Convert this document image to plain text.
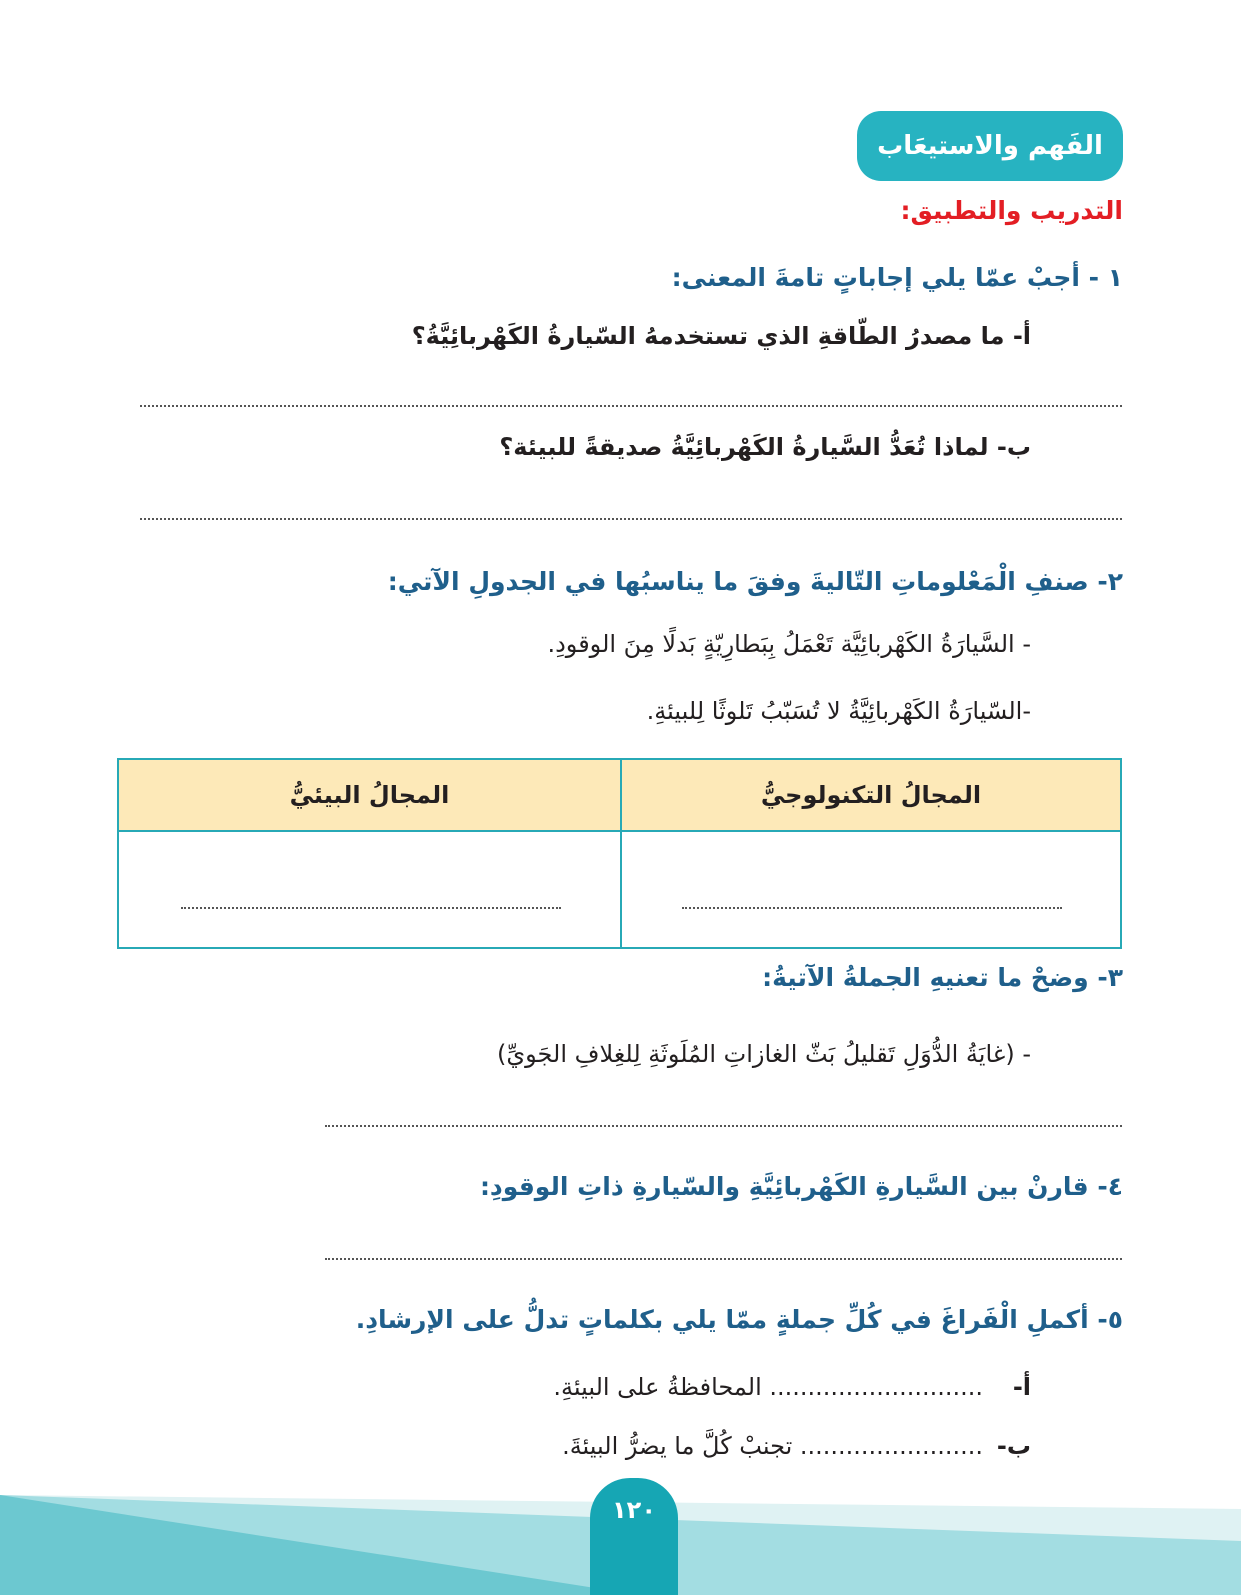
الفَهم والاستيعَاب
التدريب والتطبيق:
١ - أجبْ عمّا يلي إجاباتٍ تامةَ المعنى:
أ- ما مصدرُ الطّاقةِ الذي تستخدمهُ السّيارةُ الكَهْربائِيَّةُ؟
ب- لماذا تُعَدُّ السَّيارةُ الكَهْربائِيَّةُ صديقةً للبيئة؟
٢- صنفِ الْمَعْلوماتِ التّاليةَ وفقَ ما يناسبُها في الجدولِ الآتي:
- السَّيارَةُ الكَهْربائِيَّة تَعْمَلُ بِبَطارِيّةٍ بَدلًا مِنَ الوقودِ.
-السّيارَةُ الكَهْربائِيَّةُ لا تُسَبّبُ تَلوثًا لِلبيئةِ.
المجالُ البيئيُّ	المجالُ التكنولوجيُّ
٣- وضحْ ما تعنيهِ الجملةُ الآتيةُ:
- (غايَةُ الدُّوَلِ تَقليلُ بَثّ الغازاتِ المُلَوثَةِ لِلغِلافِ الجَويِّ)
٤- قارنْ بين السَّيارةِ الكَهْربائِيَّةِ والسّيارةِ ذاتِ الوقودِ:
٥- أكملِ الْفَراغَ في كُلِّ جملةٍ ممّا يلي بكلماتٍ تدلُّ على الإرشادِ.
أ-
............................ المحافظةُ على البيئةِ.
ب-
........................ تجنبْ كُلَّ ما يضرُّ البيئةَ.
١٢٠
